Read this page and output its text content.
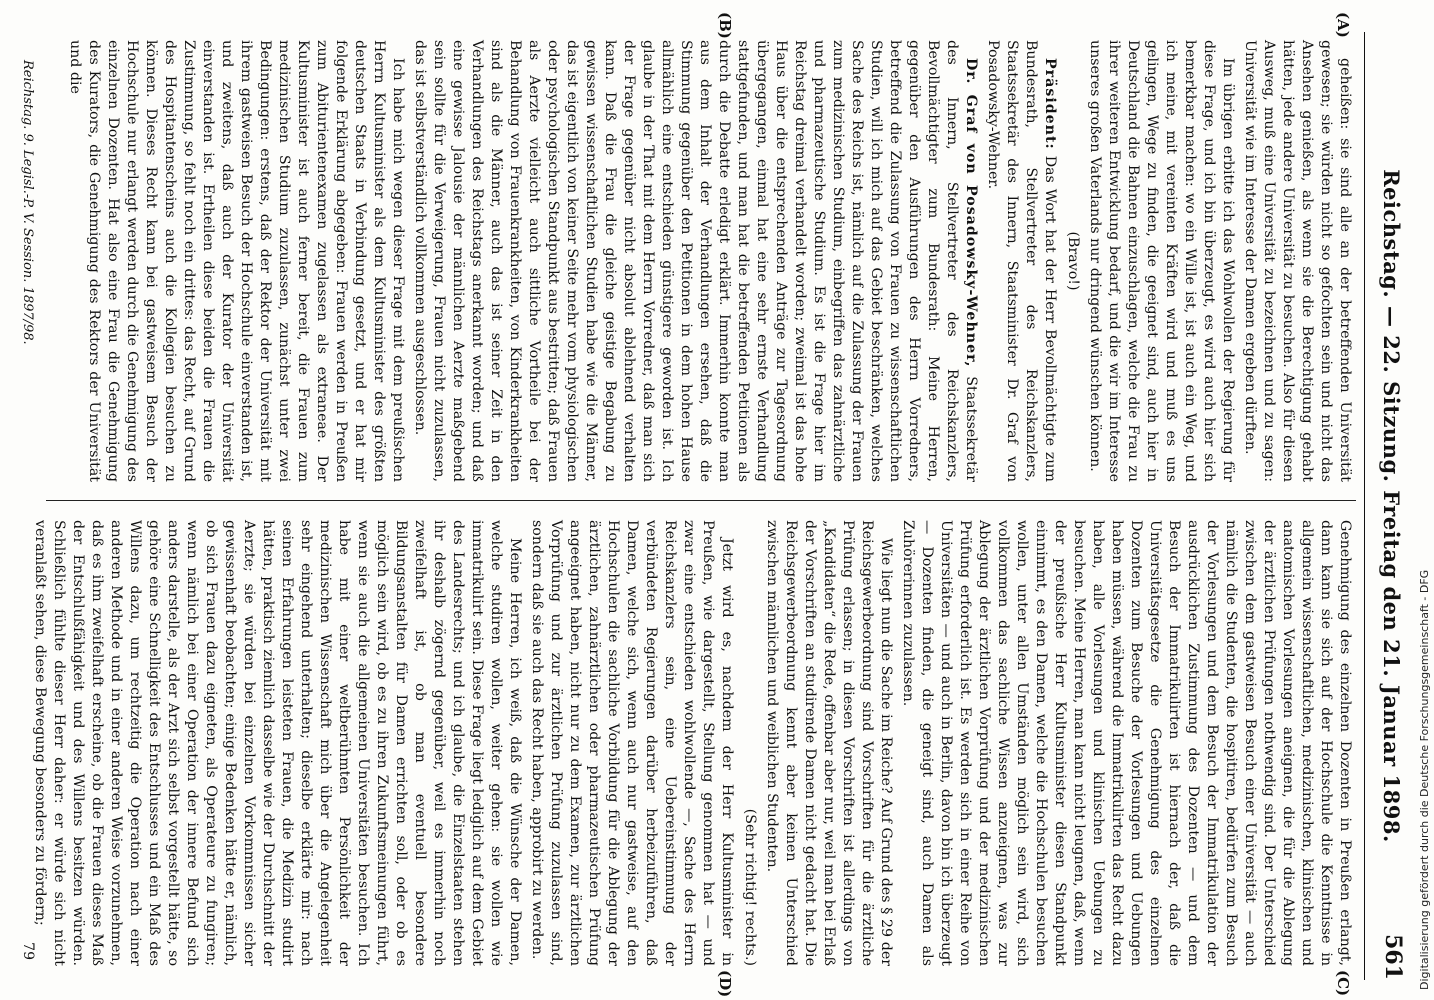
Reichstag. — 22. Sitzung. Freitag den 21. Januar 1898.
561
(A)
(B)
(C)
(D)

geheißen: sie sind alle an der betreffenden Universität gewesen; sie würden nicht so gefochten sein und nicht das Ansehen genießen, als wenn sie die Berechtigung gehabt hätten, jede andere Universität zu besuchen. Also für diesen Ausweg, muß eine Universität zu bezeichnen und zu sagen: Universität wie im Interesse der Damen ergeben dürften.

Im übrigen erbitte ich das Wohlwollen der Regierung für diese Frage, und ich bin überzeugt, es wird auch hier sich bemerkbar machen: wo ein Wille ist, ist auch ein Weg, und ich meine, mit vereinten Kräften wird und muß es uns gelingen, Wege zu finden, die geeignet sind, auch hier in Deutschland die Bahnen einzuschlagen, welche die Frau zu ihrer weiteren Entwicklung bedarf, und die wir im Interesse unseres großen Vaterlands nur dringend wünschen können.

(Bravo!)

Präsident: Das Wort hat der Herr Bevollmächtigte zum Bundesrath, Stellvertreter des Reichskanzlers, Staatssekretär des Innern, Staatsminister Dr. Graf von Posadowsky-Wehner.

Dr. Graf von Posadowsky-Wehner, Staatssekretär des Innern, Stellvertreter des Reichskanzlers, Bevollmächtigter zum Bundesrath: Meine Herren, gegenüber den Ausführungen des Herrn Vorredners, betreffend die Zulassung von Frauen zu wissenschaftlichen Studien, will ich mich auf das Gebiet beschränken, welches Sache des Reichs ist, nämlich auf die Zulassung der Frauen zum medizinischen Studium, einbegriffen das zahnärztliche und pharmazeutische Studium. Es ist die Frage hier im Reichstag dreimal verhandelt worden; zweimal ist das hohe Haus über die entsprechenden Anträge zur Tagesordnung übergegangen, einmal hat eine sehr ernste Verhandlung stattgefunden, und man hat die betreffenden Petitionen als durch die Debatte erledigt erklärt. Immerhin konnte man aus dem Inhalt der Verhandlungen ersehen, daß die Stimmung gegenüber den Petitionen in dem hohen Hause allmählich eine entschieden günstigere geworden ist. Ich glaube in der That mit dem Herrn Vorredner, daß man sich der Frage gegenüber nicht absolut ablehnend verhalten kann. Daß die Frau die gleiche geistige Begabung zu gewissen wissenschaftlichen Studien habe wie die Männer, das ist eigentlich von keiner Seite mehr vom physiologischen oder psychologischen Standpunkt aus bestritten; daß Frauen als Aerzte vielleicht auch sittliche Vortheile bei der Behandlung von Frauenkrankheiten, von Kinderkrankheiten sind als die Männer, auch das ist seiner Zeit in den Verhandlungen des Reichstags anerkannt worden; und daß eine gewisse Jalousie der männlichen Aerzte maßgebend sein sollte für die Verweigerung, Frauen nicht zuzulassen, das ist selbstverständlich vollkommen ausgeschlossen.

Ich habe mich wegen dieser Frage mit dem preußischen Herrn Kultusminister als dem Kultusminister des größten deutschen Staats in Verbindung gesetzt, und er hat mir folgende Erklärung abgegeben: Frauen werden in Preußen zum Abiturientenexamen zugelassen als extraneae. Der Kultusminister ist auch ferner bereit, die Frauen zum medizinischen Studium zuzulassen, zunächst unter zwei Bedingungen: erstens, daß der Rektor der Universität mit ihrem gastweisen Besuch der Hochschule einverstanden ist, und zweitens, daß auch der Kurator der Universität einverstanden ist. Ertheilen diese beiden die Frauen die Zustimmung, so fehlt noch ein drittes: das Recht, auf Grund des Hospitantenscheins auch die Kollegien besuchen zu können. Dieses Recht kann bei gastweisem Besuch der Hochschule nur erlangt werden durch die Genehmigung des einzelnen Dozenten. Hat also eine Frau die Genehmigung des Kurators, die Genehmigung des Rektors der Universität und die

Genehmigung des einzelnen Dozenten in Preußen erlangt, dann kann sie sich auf der Hochschule die Kenntnisse in allgemein wissenschaftlichen, medizinischen, klinischen und anatomischen Vorlesungen aneignen, die für die Ablegung der ärztlichen Prüfungen nothwendig sind. Der Unterschied zwischen dem gastweisen Besuch einer Universität — auch nämlich die Studenten, die hospitiren, bedürfen zum Besuch der Vorlesungen und dem Besuch der Immatrikulation der ausdrücklichen Zustimmung des Dozenten — und dem Besuch der Immatrikulirten ist hiernach der, daß die Universitätsgesetze die Genehmigung des einzelnen Dozenten zum Besuche der Vorlesungen und Uebungen haben müssen, während die Immatrikulirten das Recht dazu haben, alle Vorlesungen und klinischen Uebungen zu besuchen. Meine Herren, man kann nicht leugnen, daß, wenn der preußische Herr Kultusminister diesen Standpunkt einnimmt, es den Damen, welche die Hochschulen besuchen wollen, unter allen Umständen möglich sein wird, sich vollkommen das sachliche Wissen anzueignen, was zur Ablegung der ärztlichen Vorprüfung und der medizinischen Prüfung erforderlich ist. Es werden sich in einer Reihe von Universitäten — und auch in Berlin, davon bin ich überzeugt — Dozenten finden, die geneigt sind, auch Damen als Zuhörerinnen zuzulassen.

Wie liegt nun die Sache im Reiche? Auf Grund des § 29 der Reichsgewerbeordnung sind Vorschriften für die ärztliche Prüfung erlassen; in diesen Vorschriften ist allerdings von „Kandidaten“ die Rede, offenbar aber nur, weil man bei Erlaß der Vorschriften an studirende Damen nicht gedacht hat. Die Reichsgewerbeordnung kennt aber keinen Unterschied zwischen männlichen und weiblichen Studenten.

(Sehr richtig! rechts.)

Jetzt wird es, nachdem der Herr Kultusminister in Preußen, wie dargestellt, Stellung genommen hat — und zwar eine entschieden wohlwollende —, Sache des Herrn Reichskanzlers sein, eine Uebereinstimmung der verbündeten Regierungen darüber herbeizuführen, daß Damen, welche sich, wenn auch nur gastweise, auf den Hochschulen die sachliche Vorbildung für die Ablegung der ärztlichen, zahnärztlichen oder pharmazeutischen Prüfung angeeignet haben, nicht nur zu dem Examen, zur ärztlichen Vorprüfung und zur ärztlichen Prüfung zuzulassen sind, sondern daß sie auch das Recht haben, approbirt zu werden.

Meine Herren, ich weiß, daß die Wünsche der Damen, welche studiren wollen, weiter gehen: sie wollen wie immatrikulirt sein. Diese Frage liegt lediglich auf dem Gebiet des Landesrechts; und ich glaube, die Einzelstaaten stehen ihr deshalb zögernd gegenüber, weil es immerhin noch zweifelhaft ist, ob man eventuell besondere Bildungsanstalten für Damen errichten soll, oder ob es möglich sein wird, ob es zu ihren Zukunftsmeinungen führt, wenn sie auch die allgemeinen Universitäten besuchen. Ich habe mit einer weltberühmten Persönlichkeit der medizinischen Wissenschaft mich über die Angelegenheit sehr eingehend unterhalten; dieselbe erklärte mir: nach seinen Erfahrungen leisteten Frauen, die Medizin studirt hätten, praktisch ziemlich dasselbe wie der Durchschnitt der Aerzte; sie würden bei einzelnen Vorkommnissen sicher gewissenhaft beobachten; einige Bedenken hätte er, nämlich, ob sich Frauen dazu eigneten, als Operateure zu fungiren; wenn nämlich bei einer Operation der innere Befund sich anders darstelle, als der Arzt sich selbst vorgestellt hätte, so gehöre eine Schnelligkeit des Entschlusses und ein Maß des Willens dazu, um rechtzeitig die Operation nach einer anderen Methode und in einer anderen Weise vorzunehmen, daß es ihm zweifelhaft erscheine, ob die Frauen dieses Maß der Entschlußfähigkeit und des Willens besitzen würden. Schließlich fühlte dieser Herr daher: er würde sich nicht veranlaßt sehen, diese Bewegung besonders zu fördern;

Reichstag. 9. Legisl.-P. V. Session. 1897/98.
79	Digitalisierung gefördert durch die Deutsche Forschungsgemeinschaft - DFG
